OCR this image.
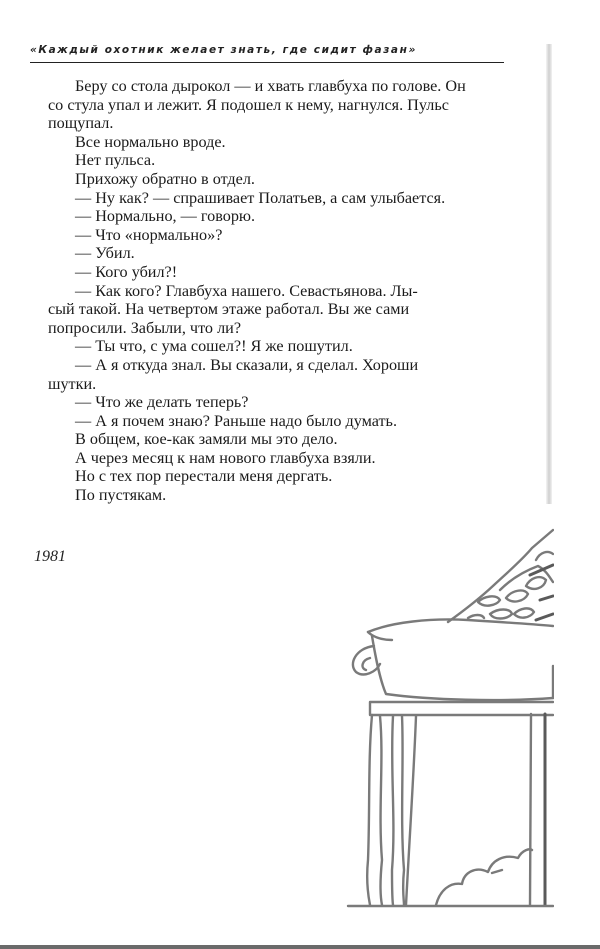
«Каждый охотник желает знать, где сидит фазан»

Беру со стола дырокол — и хвать главбуха по голове. Он

со стула упал и лежит. Я подошел к нему, нагнулся. Пульс

пощупал.

Все нормально вроде.

Нет пульса.

Прихожу обратно в отдел.

— Ну как? — спрашивает Полатьев, а сам улыбается.

— Нормально, — говорю.

— Что «нормально»?

— Убил.

— Кого убил?!

— Как кого? Главбуха нашего. Севастьянова. Лы-

сый такой. На четвертом этаже работал. Вы же сами

попросили. Забыли, что ли?

— Ты что, с ума сошел?! Я же пошутил.

— А я откуда знал. Вы сказали, я сделал. Хороши

шутки.

— Что же делать теперь?

— А я почем знаю? Раньше надо было думать.

В общем, кое-как замяли мы это дело.

А через месяц к нам нового главбуха взяли.

Но с тех пор перестали меня дергать.

По пустякам.

1981
